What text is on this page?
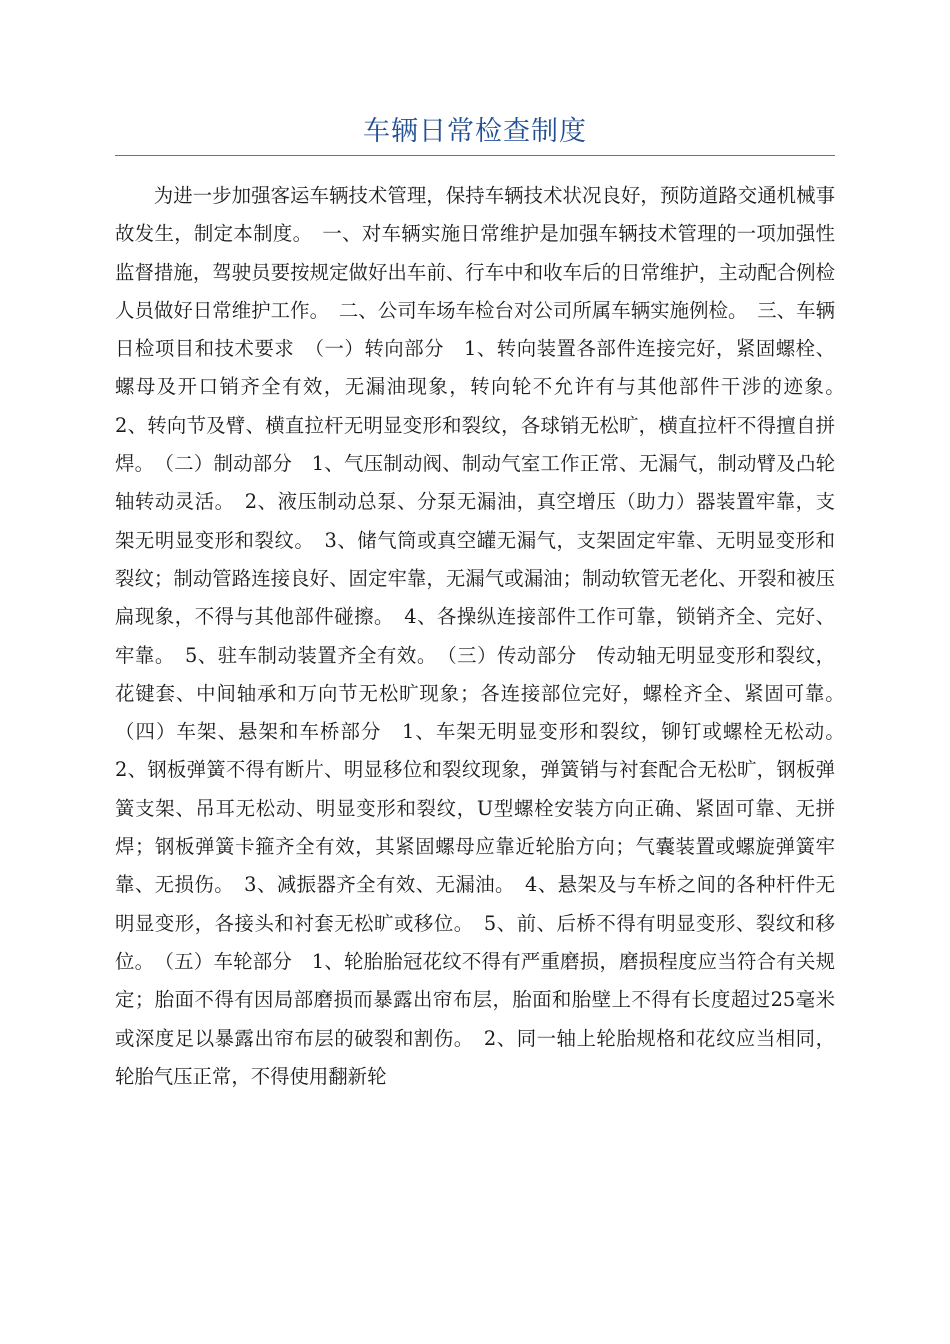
车辆日常检查制度

为进一步加强客运车辆技术管理，保持车辆技术状况良好，预防道路交通机械事故发生，制定本制度。　一、对车辆实施日常维护是加强车辆技术管理的一项加强性监督措施，驾驶员要按规定做好出车前、行车中和收车后的日常维护，主动配合例检人员做好日常维护工作。　二、公司车场车检台对公司所属车辆实施例检。　三、车辆日检项目和技术要求　（一）转向部分　1、转向装置各部件连接完好，紧固螺栓、螺母及开口销齐全有效，无漏油现象，转向轮不允许有与其他部件干涉的迹象。　2、转向节及臂、横直拉杆无明显变形和裂纹，各球销无松旷，横直拉杆不得擅自拼焊。　（二）制动部分　1、气压制动阀、制动气室工作正常、无漏气，制动臂及凸轮轴转动灵活。　2、液压制动总泵、分泵无漏油，真空增压（助力）器装置牢靠，支架无明显变形和裂纹。　3、储气筒或真空罐无漏气，支架固定牢靠、无明显变形和裂纹；制动管路连接良好、固定牢靠，无漏气或漏油；制动软管无老化、开裂和被压扁现象，不得与其他部件碰擦。　4、各操纵连接部件工作可靠，锁销齐全、完好、牢靠。　5、驻车制动装置齐全有效。　（三）传动部分　传动轴无明显变形和裂纹，花键套、中间轴承和万向节无松旷现象；各连接部位完好，螺栓齐全、紧固可靠。　（四）车架、悬架和车桥部分　1、车架无明显变形和裂纹，铆钉或螺栓无松动。　2、钢板弹簧不得有断片、明显移位和裂纹现象，弹簧销与衬套配合无松旷，钢板弹簧支架、吊耳无松动、明显变形和裂纹，U型螺栓安装方向正确、紧固可靠、无拼焊；钢板弹簧卡箍齐全有效，其紧固螺母应靠近轮胎方向；气囊装置或螺旋弹簧牢靠、无损伤。　3、减振器齐全有效、无漏油。　4、悬架及与车桥之间的各种杆件无明显变形，各接头和衬套无松旷或移位。　5、前、后桥不得有明显变形、裂纹和移位。　（五）车轮部分　1、轮胎胎冠花纹不得有严重磨损，磨损程度应当符合有关规定；胎面不得有因局部磨损而暴露出帘布层，胎面和胎壁上不得有长度超过25毫米或深度足以暴露出帘布层的破裂和割伤。　2、同一轴上轮胎规格和花纹应当相同，轮胎气压正常，不得使用翻新轮
